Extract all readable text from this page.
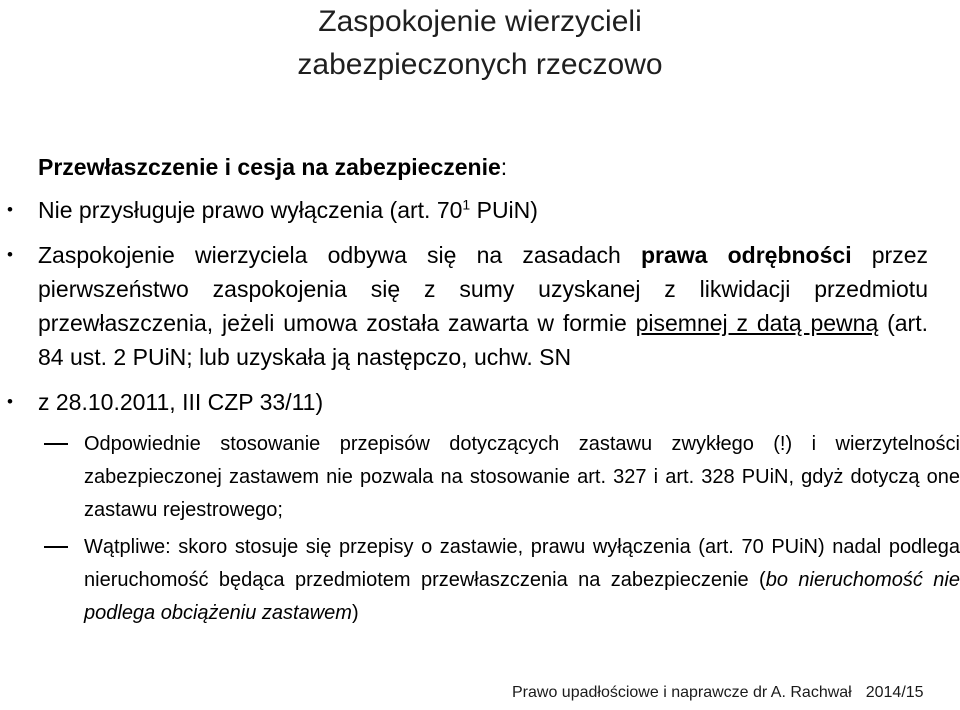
Zaspokojenie wierzycieli
zabezpieczonych rzeczowo
Przewłaszczenie i cesja na zabezpieczenie:
• Nie przysługuje prawo wyłączenia (art. $70^1$ PUiN)
• Zaspokojenie wierzyciela odbywa się na zasadach prawa odrębności przez pierwszeństwo zaspokojenia się z sumy uzyskanej z likwidacji przedmiotu przewłaszczenia, jeżeli umowa została zawarta w formie pisemnej z datą pewną (art. 84 ust. 2 PUiN; lub uzyskała ją następczo, uchw. SN
• z 28.10.2011, III CZP 33/11)
Odpowiednie stosowanie przepisów dotyczących zastawu zwykłego (!) i wierzytelności zabezpieczonej zastawem nie pozwala na stosowanie art. 327 i art. 328 PUiN, gdyż dotyczą one zastawu rejestrowego;
Wątpliwe: skoro stosuje się przepisy o zastawie, prawu wyłączenia (art. 70 PUiN) nadal podlega nieruchomość będąca przedmiotem przewłaszczenia na zabezpieczenie (bo nieruchomość nie podlega obciążeniu zastawem)
Prawo upadłościowe i naprawcze dr A. Rachwał 2014/15
